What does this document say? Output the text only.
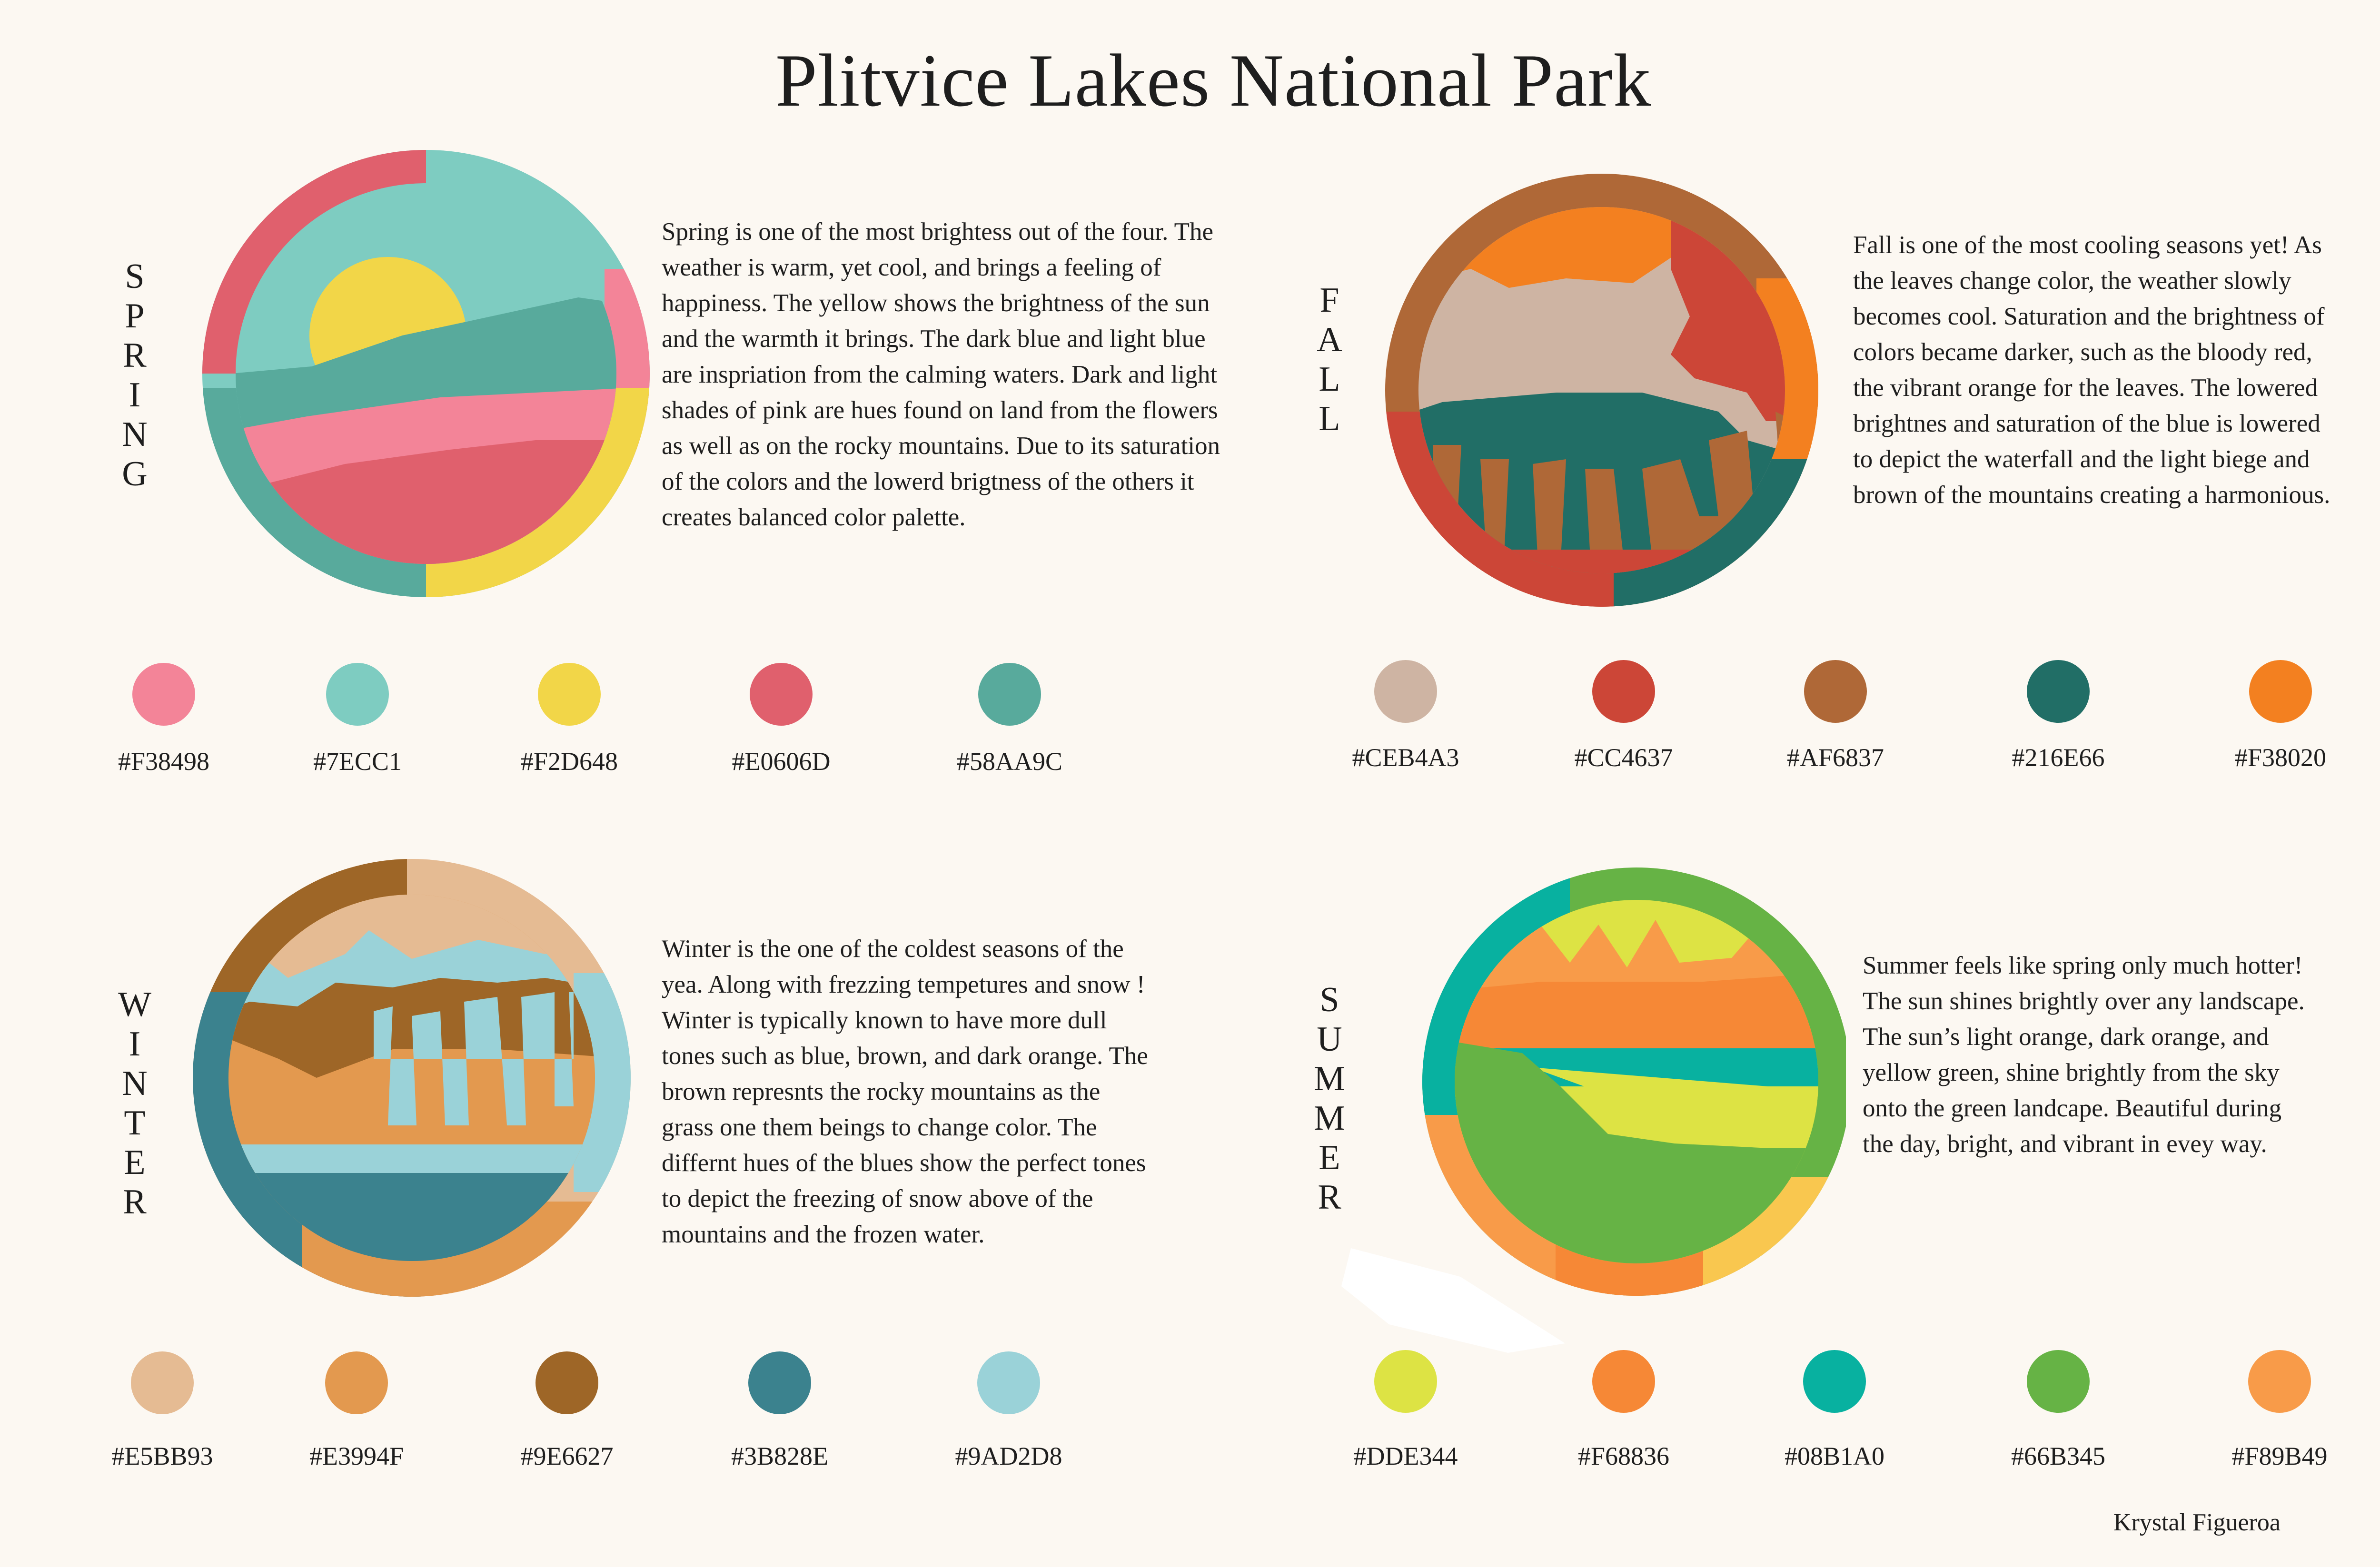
Plitvice Lakes National Park
S
P
R
I
N
G

Spring is one of the most brightess out of the four. The weather is warm, yet cool, and brings a feeling of happiness. The yellow shows the brightness of the sun and the warmth it brings. The dark blue and light blue are inspriation from the calming waters. Dark and light shades of pink are hues found on land from the flowers as well as on the rocky mountains. Due to its saturation of the colors and the lowerd brigtness of the others it creates balanced color palette.

#F38498	#7ECC1	#F2D648	#E0606D	#58AA9C
F
A
L
L

Fall is one of the most cooling seasons yet! As the leaves change color, the weather slowly becomes cool. Saturation and the brightness of colors became darker, such as the bloody red, the vibrant orange for the leaves. The lowered brightnes and saturation of the blue is lowered to depict the waterfall and the light biege and brown of the mountains creating a harmonious.

#CEB4A3	#CC4637	#AF6837	#216E66	#F38020
W
I
N
T
E
R

Winter is the one of the coldest seasons of the yea. Along with frezzing tempetures and snow ! Winter is typically known to have more dull tones such as blue, brown, and dark orange. The brown represnts the rocky mountains as the grass one them beings to change color. The differnt hues of the blues show the perfect tones to depict the freezing of snow above of the mountains and the frozen water.

#E5BB93	#E3994F	#9E6627	#3B828E	#9AD2D8
S
U
M
M
E
R

Summer feels like spring only much hotter! The sun shines brightly over any landscape. The sun’s light orange, dark orange, and yellow green, shine brightly from the sky onto the green landcape. Beautiful during the day, bright, and vibrant in evey way.

#DDE344	#F68836	#08B1A0	#66B345	#F89B49
Krystal Figueroa
